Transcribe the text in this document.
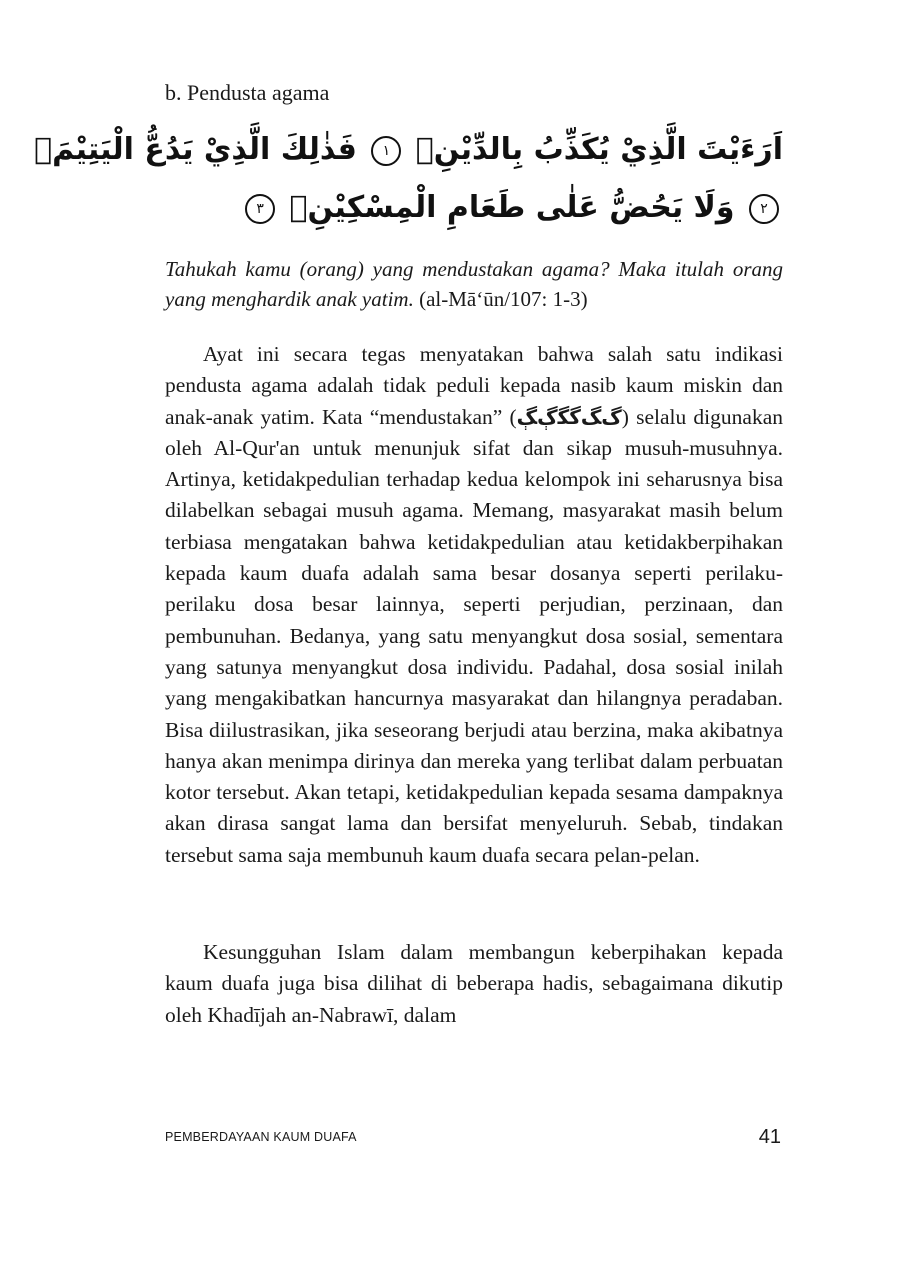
b. Pendusta agama
اَرَءَيْتَ الَّذِيْ يُكَذِّبُ بِالدِّيْنِۗ ١ فَذٰلِكَ الَّذِيْ يَدُعُّ الْيَتِيْمَۙ
٢ وَلَا يَحُضُّ عَلٰى طَعَامِ الْمِسْكِيْنِۗ ٣

Tahukah kamu (orang) yang mendustakan agama? Maka itulah orang yang menghardik anak yatim. (al-Mā‘ūn/107: 1-3)

Ayat ini secara tegas menyatakan bahwa salah satu indikasi pendusta agama adalah tidak peduli kepada nasib kaum miskin dan anak-anak yatim. Kata “mendustakan” (ﮒﮓﮔﮕﮖﮗ) selalu digunakan oleh Al-Qur'an untuk menunjuk sifat dan sikap musuh-musuhnya. Artinya, ketidakpedulian terhadap kedua kelompok ini seharusnya bisa dilabelkan sebagai musuh agama. Memang, masyarakat masih belum terbiasa mengatakan bahwa ketidakpedulian atau ketidakberpihakan kepada kaum duafa adalah sama besar dosanya seperti perilaku-perilaku dosa besar lainnya, seperti perjudian, perzinaan, dan pembunuhan. Bedanya, yang satu menyangkut dosa sosial, sementara yang satunya menyangkut dosa individu. Padahal, dosa sosial inilah yang mengakibatkan hancurnya masyarakat dan hilangnya peradaban. Bisa diilustrasikan, jika seseorang berjudi atau berzina, maka akibatnya hanya akan menimpa dirinya dan mereka yang terlibat dalam perbuatan kotor tersebut. Akan tetapi, ketidakpedulian kepada sesama dampaknya akan dirasa sangat lama dan bersifat menyeluruh. Sebab, tindakan tersebut sama saja membunuh kaum duafa secara pelan-pelan.

Kesungguhan Islam dalam membangun keberpihakan kepada kaum duafa juga bisa dilihat di beberapa hadis, sebagaimana dikutip oleh Khadījah an-Nabrawī, dalam

PEMBERDAYAAN KAUM DUAFA	41
